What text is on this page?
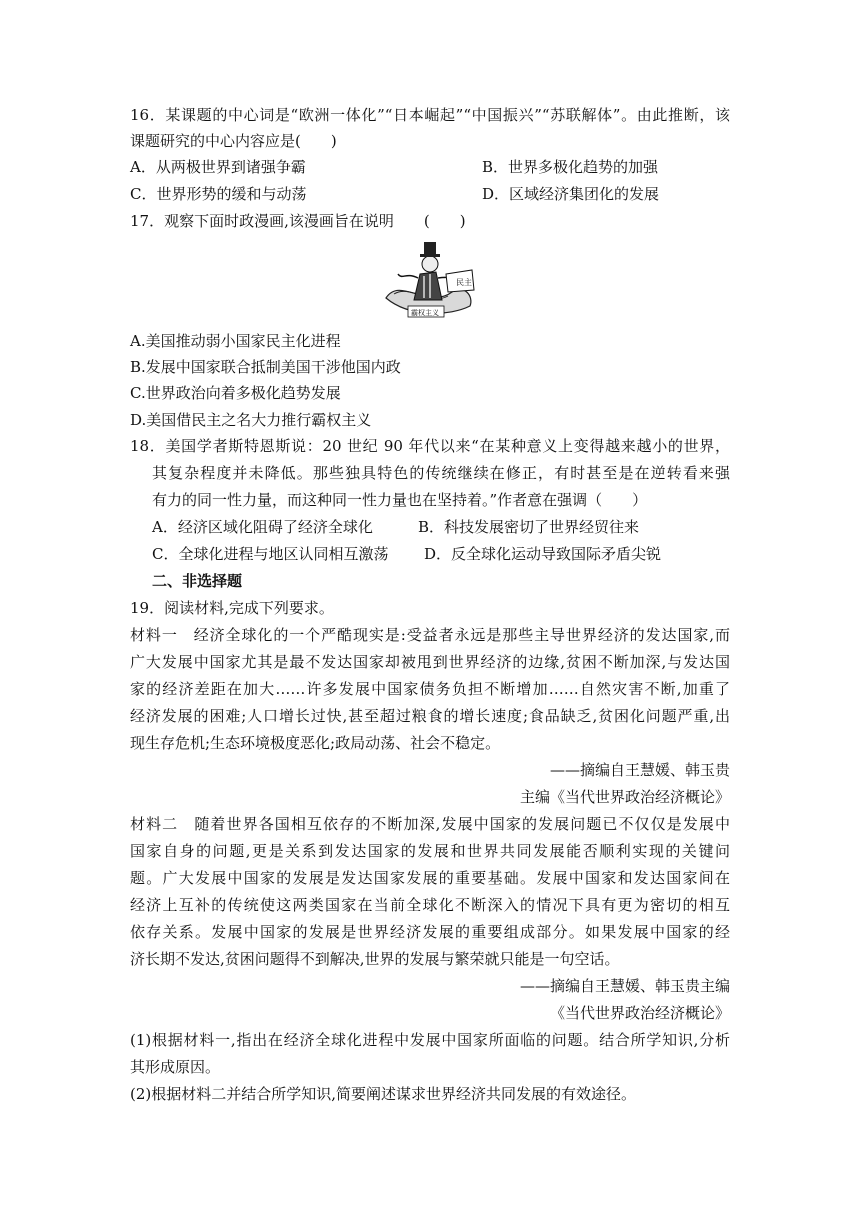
16．某课题的中心词是“欧洲一体化”“日本崛起”“中国振兴”“苏联解体”。由此推断，该

课题研究的中心内容应是(　　)

A．从两极世界到诸强争霸	B．世界多极化趋势的加强

C．世界形势的缓和与动荡	D．区域经济集团化的发展

17．观察下面时政漫画,该漫画旨在说明　　(　　)

民主
霸权主义

A.美国推动弱小国家民主化进程

B.发展中国家联合抵制美国干涉他国内政

C.世界政治向着多极化趋势发展

D.美国借民主之名大力推行霸权主义

18．美国学者斯特恩斯说：20 世纪 90 年代以来“在某种意义上变得越来越小的世界，

其复杂程度并未降低。那些独具特色的传统继续在修正，有时甚至是在逆转看来强

有力的同一性力量，而这种同一性力量也在坚持着。”作者意在强调（　　）

A．经济区域化阻碍了经济全球化	B．科技发展密切了世界经贸往来

C．全球化进程与地区认同相互激荡 D．反全球化运动导致国际矛盾尖锐

二、非选择题

19．阅读材料,完成下列要求。

材料一　经济全球化的一个严酷现实是:受益者永远是那些主导世界经济的发达国家,而

广大发展中国家尤其是最不发达国家却被甩到世界经济的边缘,贫困不断加深,与发达国

家的经济差距在加大……许多发展中国家债务负担不断增加……自然灾害不断,加重了

经济发展的困难;人口增长过快,甚至超过粮食的增长速度;食品缺乏,贫困化问题严重,出

现生存危机;生态环境极度恶化;政局动荡、社会不稳定。

——摘编自王慧媛、韩玉贵

主编《当代世界政治经济概论》

材料二　随着世界各国相互依存的不断加深,发展中国家的发展问题已不仅仅是发展中

国家自身的问题,更是关系到发达国家的发展和世界共同发展能否顺利实现的关键问

题。广大发展中国家的发展是发达国家发展的重要基础。发展中国家和发达国家间在

经济上互补的传统使这两类国家在当前全球化不断深入的情况下具有更为密切的相互

依存关系。发展中国家的发展是世界经济发展的重要组成部分。如果发展中国家的经

济长期不发达,贫困问题得不到解决,世界的发展与繁荣就只能是一句空话。

——摘编自王慧媛、韩玉贵主编

《当代世界政治经济概论》

(1)根据材料一,指出在经济全球化进程中发展中国家所面临的问题。结合所学知识,分析

其形成原因。

(2)根据材料二并结合所学知识,简要阐述谋求世界经济共同发展的有效途径。
